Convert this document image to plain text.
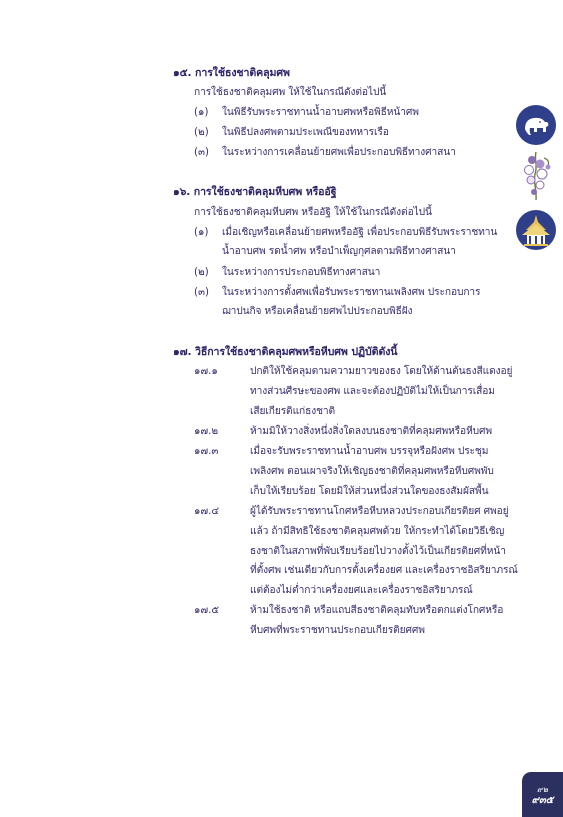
๑๕. การใช้ธงชาติคลุมศพ
การใช้ธงชาติคลุมศพ ให้ใช้ในกรณีดังต่อไปนี้
(๑) ในพิธีรับพระราชทานน้ำอาบศพหรือพิธีหน้าศพ
(๒) ในพิธีปลงศพตามประเพณีของทหารเรือ
(๓) ในระหว่างการเคลื่อนย้ายศพเพื่อประกอบพิธีทางศาสนา
๑๖. การใช้ธงชาติคลุมหีบศพ หรืออัฐิ
การใช้ธงชาติคลุมหีบศพ หรืออัฐิ ให้ใช้ในกรณีดังต่อไปนี้
(๑) เมื่อเชิญหรือเคลื่อนย้ายศพหรืออัฐิ เพื่อประกอบพิธีรับพระราชทาน
น้ำอาบศพ รดน้ำศพ หรือบำเพ็ญกุศลตามพิธีทางศาสนา
(๒) ในระหว่างการประกอบพิธีทางศาสนา
(๓) ในระหว่างการตั้งศพเพื่อรับพระราชทานเพลิงศพ ประกอบการ
ฌาปนกิจ หรือเคลื่อนย้ายศพไปประกอบพิธีฝัง
๑๗. วิธีการใช้ธงชาติคลุมศพหรือหีบศพ ปฏิบัติดังนี้
๑๗.๑	ปกติให้ใช้คลุมตามความยาวของธง โดยให้ด้านต้นธงสีแดงอยู่
ทางส่วนศีรษะของศพ และจะต้องปฏิบัติไม่ให้เป็นการเสื่อม
เสียเกียรติแก่ธงชาติ
๑๗.๒	ห้ามมิให้วางสิ่งหนึ่งสิ่งใดลงบนธงชาติที่คลุมศพหรือหีบศพ
๑๗.๓	เมื่อจะรับพระราชทานน้ำอาบศพ บรรจุหรือฝังศพ ประชุม
เพลิงศพ ตอนเผาจริงให้เชิญธงชาติที่คลุมศพหรือหีบศพพับ
เก็บให้เรียบร้อย โดยมิให้ส่วนหนึ่งส่วนใดของธงสัมผัสพื้น
๑๗.๔	ผู้ได้รับพระราชทานโกศหรือหีบหลวงประกอบเกียรติยศ ศพอยู่
แล้ว ถ้ามีสิทธิใช้ธงชาติคลุมศพด้วย ให้กระทำได้โดยวิธีเชิญ
ธงชาติในสภาพที่พับเรียบร้อยไปวางตั้งไว้เป็นเกียรติยศที่หน้า
ที่ตั้งศพ เช่นเดียวกับการตั้งเครื่องยศ และเครื่องราชอิสริยาภรณ์
แต่ต้องไม่ต่ำกว่าเครื่องยศและเครื่องราชอิสริยาภรณ์
๑๗.๕	ห้ามใช้ธงชาติ หรือแถบสีธงชาติคลุมทับหรือตกแต่งโกศหรือ
หีบศพที่พระราชทานประกอบเกียรติยศศพ
๙๒
๙๓๕
